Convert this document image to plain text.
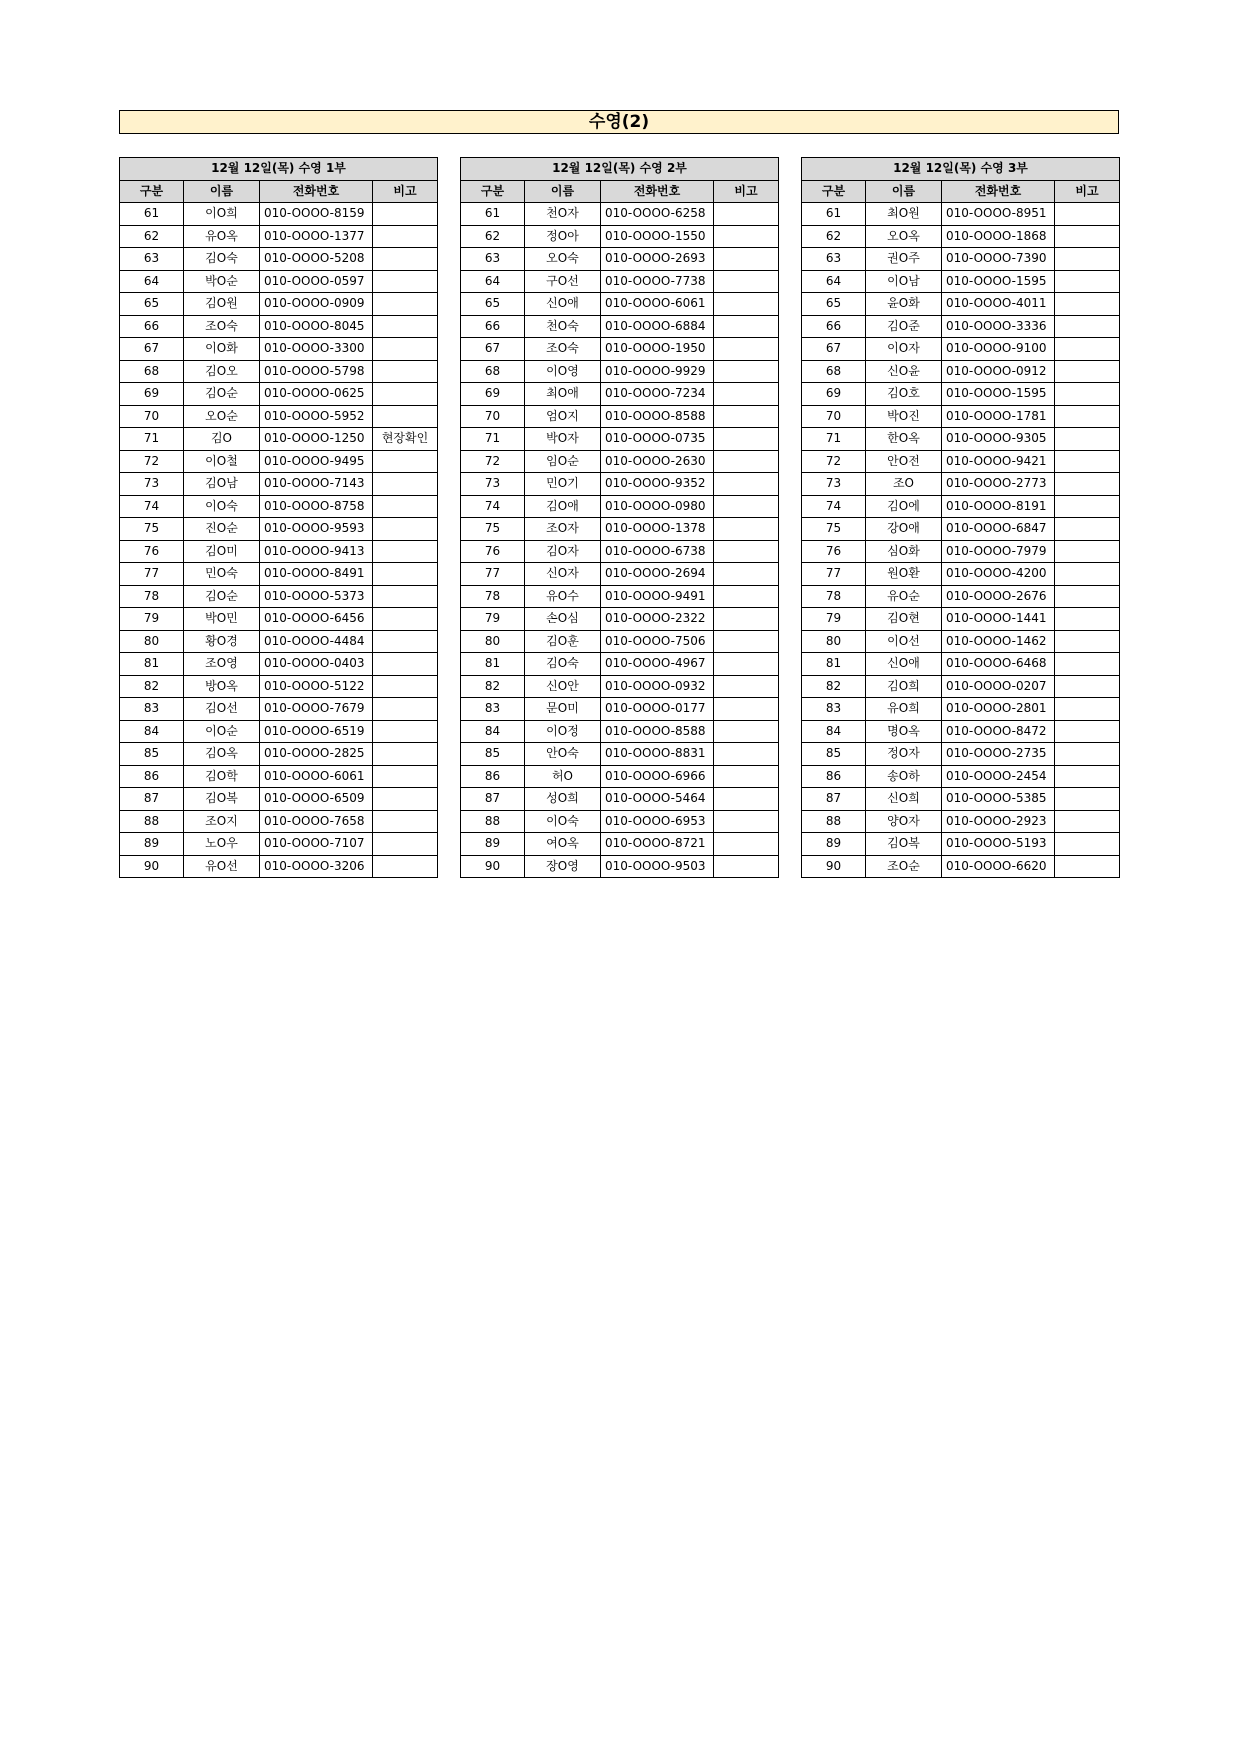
수영(2)
12월 12일(목) 수영 1부			
구분	이름	전화번호	비고
61	이O희	010-OOOO-8159	
62	유O옥	010-OOOO-1377	
63	김O숙	010-OOOO-5208	
64	박O순	010-OOOO-0597	
65	김O원	010-OOOO-0909	
66	조O숙	010-OOOO-8045	
67	이O화	010-OOOO-3300	
68	김O오	010-OOOO-5798	
69	김O순	010-OOOO-0625	
70	오O순	010-OOOO-5952	
71	김O	010-OOOO-1250	현장확인
72	이O철	010-OOOO-9495	
73	김O남	010-OOOO-7143	
74	이O숙	010-OOOO-8758	
75	진O순	010-OOOO-9593	
76	김O미	010-OOOO-9413	
77	민O숙	010-OOOO-8491	
78	김O순	010-OOOO-5373	
79	박O민	010-OOOO-6456	
80	황O경	010-OOOO-4484	
81	조O영	010-OOOO-0403	
82	방O옥	010-OOOO-5122	
83	김O선	010-OOOO-7679	
84	이O순	010-OOOO-6519	
85	김O옥	010-OOOO-2825	
86	김O학	010-OOOO-6061	
87	김O복	010-OOOO-6509	
88	조O지	010-OOOO-7658	
89	노O우	010-OOOO-7107	
90	유O선	010-OOOO-3206	
12월 12일(목) 수영 2부			
구분	이름	전화번호	비고
61	천O자	010-OOOO-6258	
62	정O아	010-OOOO-1550	
63	오O숙	010-OOOO-2693	
64	구O선	010-OOOO-7738	
65	신O애	010-OOOO-6061	
66	천O숙	010-OOOO-6884	
67	조O숙	010-OOOO-1950	
68	이O영	010-OOOO-9929	
69	최O애	010-OOOO-7234	
70	엄O지	010-OOOO-8588	
71	박O자	010-OOOO-0735	
72	임O순	010-OOOO-2630	
73	민O기	010-OOOO-9352	
74	김O애	010-OOOO-0980	
75	조O자	010-OOOO-1378	
76	김O자	010-OOOO-6738	
77	신O자	010-OOOO-2694	
78	유O수	010-OOOO-9491	
79	손O심	010-OOOO-2322	
80	김O훈	010-OOOO-7506	
81	김O숙	010-OOOO-4967	
82	신O안	010-OOOO-0932	
83	문O미	010-OOOO-0177	
84	이O정	010-OOOO-8588	
85	안O숙	010-OOOO-8831	
86	허O	010-OOOO-6966	
87	성O희	010-OOOO-5464	
88	이O숙	010-OOOO-6953	
89	여O옥	010-OOOO-8721	
90	장O영	010-OOOO-9503	
12월 12일(목) 수영 3부			
구분	이름	전화번호	비고
61	최O원	010-OOOO-8951	
62	오O옥	010-OOOO-1868	
63	권O주	010-OOOO-7390	
64	이O남	010-OOOO-1595	
65	윤O화	010-OOOO-4011	
66	김O준	010-OOOO-3336	
67	이O자	010-OOOO-9100	
68	신O윤	010-OOOO-0912	
69	김O호	010-OOOO-1595	
70	박O진	010-OOOO-1781	
71	한O옥	010-OOOO-9305	
72	안O전	010-OOOO-9421	
73	조O	010-OOOO-2773	
74	김O에	010-OOOO-8191	
75	강O애	010-OOOO-6847	
76	심O화	010-OOOO-7979	
77	원O환	010-OOOO-4200	
78	유O순	010-OOOO-2676	
79	김O현	010-OOOO-1441	
80	이O선	010-OOOO-1462	
81	신O애	010-OOOO-6468	
82	김O희	010-OOOO-0207	
83	유O희	010-OOOO-2801	
84	명O옥	010-OOOO-8472	
85	정O자	010-OOOO-2735	
86	송O하	010-OOOO-2454	
87	신O희	010-OOOO-5385	
88	양O자	010-OOOO-2923	
89	김O복	010-OOOO-5193	
90	조O순	010-OOOO-6620	
